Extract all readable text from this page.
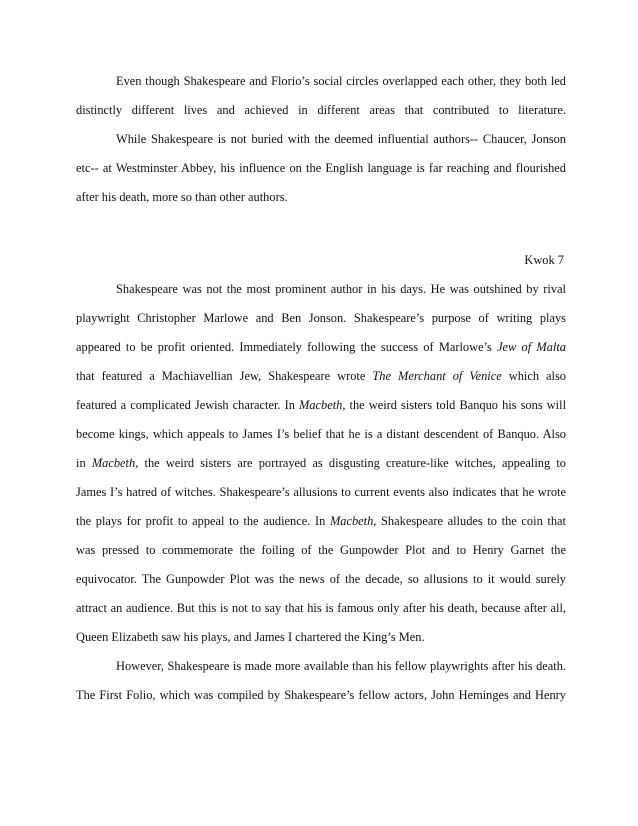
Even though Shakespeare and Florio’s social circles overlapped each other, they both led
distinctly different lives and achieved in different areas that contributed to literature.
While Shakespeare is not buried with the deemed influential authors-- Chaucer, Jonson
etc-- at Westminster Abbey, his influence on the English language is far reaching and flourished
after his death, more so than other authors.
Kwok 7
Shakespeare was not the most prominent author in his days. He was outshined by rival
playwright Christopher Marlowe and Ben Jonson. Shakespeare’s purpose of writing plays
appeared to be profit oriented. Immediately following the success of Marlowe’s Jew of Malta
that featured a Machiavellian Jew, Shakespeare wrote The Merchant of Venice which also
featured a complicated Jewish character. In Macbeth, the weird sisters told Banquo his sons will
become kings, which appeals to James I’s belief that he is a distant descendent of Banquo. Also
in Macbeth, the weird sisters are portrayed as disgusting creature-like witches, appealing to
James I’s hatred of witches. Shakespeare’s allusions to current events also indicates that he wrote
the plays for profit to appeal to the audience. In Macbeth, Shakespeare alludes to the coin that
was pressed to commemorate the foiling of the Gunpowder Plot and to Henry Garnet the
equivocator. The Gunpowder Plot was the news of the decade, so allusions to it would surely
attract an audience. But this is not to say that his is famous only after his death, because after all,
Queen Elizabeth saw his plays, and James I chartered the King’s Men.
However, Shakespeare is made more available than his fellow playwrights after his death.
The First Folio, which was compiled by Shakespeare’s fellow actors, John Heminges and Henry
